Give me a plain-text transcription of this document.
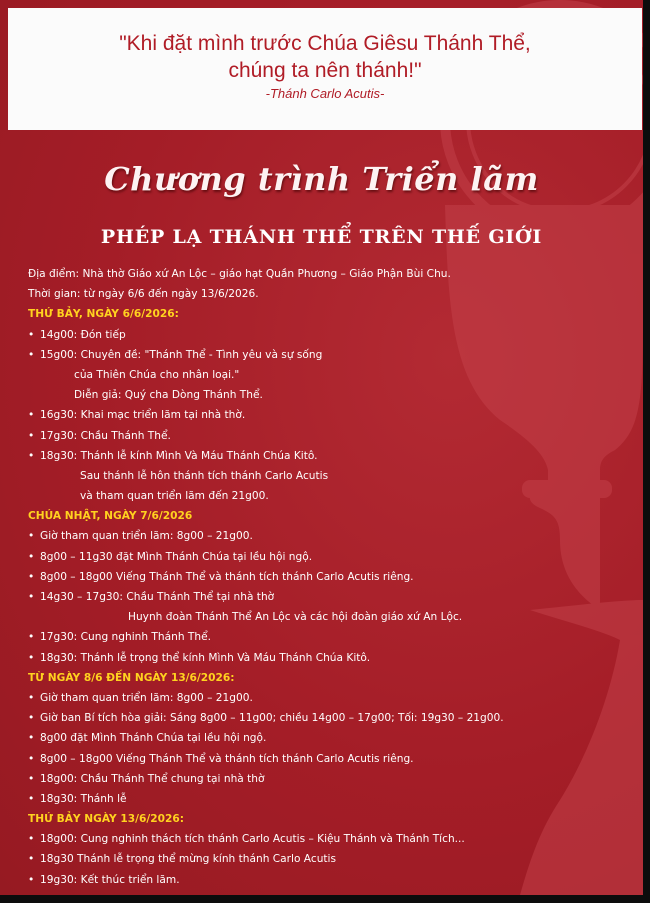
"Khi đặt mình trước Chúa Giêsu Thánh Thể,
chúng ta nên thánh!"
-Thánh Carlo Acutis-
Chương trình Triển lãm
PHÉP LẠ THÁNH THỂ TRÊN THẾ GIỚI
Địa điểm: Nhà thờ Giáo xứ An Lộc – giáo hạt Quần Phương – Giáo Phận Bùi Chu.
Thời gian: từ ngày 6/6 đến ngày 13/6/2026.
THỨ BẢY, NGÀY 6/6/2026:
• 14g00: Đón tiếp
• 15g00: Chuyên đề: "Thánh Thể - Tình yêu và sự sống
của Thiên Chúa cho nhân loại."
Diễn giả: Quý cha Dòng Thánh Thể.
• 16g30: Khai mạc triển lãm tại nhà thờ.
• 17g30: Chầu Thánh Thể.
• 18g30: Thánh lễ kính Mình Và Máu Thánh Chúa Kitô.
Sau thánh lễ hôn thánh tích thánh Carlo Acutis
và tham quan triển lãm đến 21g00.
CHÚA NHẬT, NGÀY 7/6/2026
• Giờ tham quan triển lãm: 8g00 – 21g00.
• 8g00 – 11g30 đặt Mình Thánh Chúa tại lều hội ngộ.
• 8g00 – 18g00 Viếng Thánh Thể và thánh tích thánh Carlo Acutis riêng.
• 14g30 – 17g30: Chầu Thánh Thể tại nhà thờ
Huynh đoàn Thánh Thể An Lộc và các hội đoàn giáo xứ An Lộc.
• 17g30: Cung nghinh Thánh Thể.
• 18g30: Thánh lễ trọng thể kính Mình Và Máu Thánh Chúa Kitô.
TỪ NGÀY 8/6 ĐẾN NGÀY 13/6/2026:
• Giờ tham quan triển lãm: 8g00 – 21g00.
• Giờ ban Bí tích hòa giải: Sáng 8g00 – 11g00; chiều 14g00 – 17g00; Tối: 19g30 – 21g00.
• 8g00 đặt Mình Thánh Chúa tại lều hội ngộ.
• 8g00 – 18g00 Viếng Thánh Thể và thánh tích thánh Carlo Acutis riêng.
• 18g00: Chầu Thánh Thể chung tại nhà thờ
• 18g30: Thánh lễ
THỨ BẢY NGÀY 13/6/2026:
• 18g00: Cung nghinh thách tích thánh Carlo Acutis – Kiệu Thánh và Thánh Tích...
• 18g30 Thánh lễ trọng thể mừng kính thánh Carlo Acutis
• 19g30: Kết thúc triển lãm.
